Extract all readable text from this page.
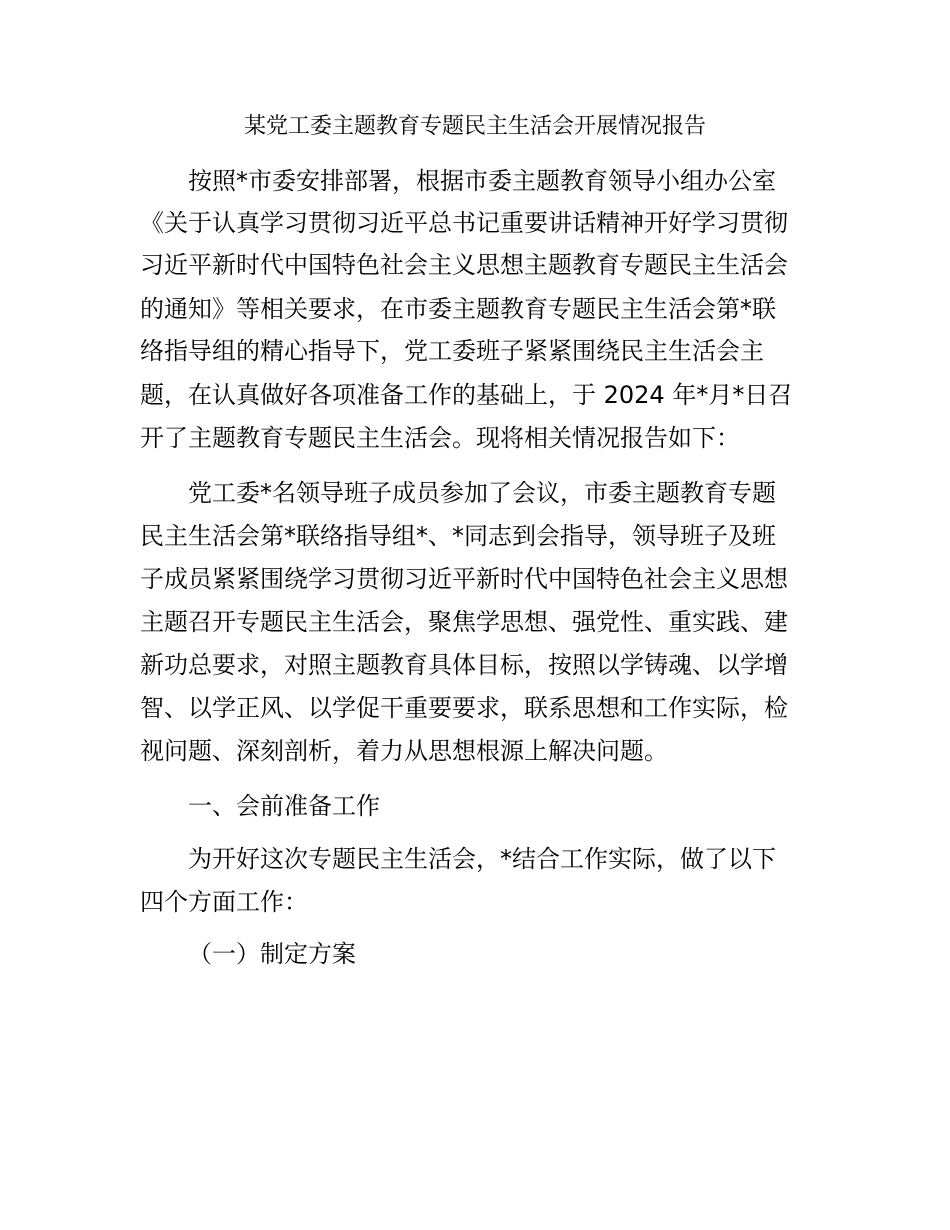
某党工委主题教育专题民主生活会开展情况报告
按照*市委安排部署，根据市委主题教育领导小组办公室
《关于认真学习贯彻习近平总书记重要讲话精神开好学习贯彻
习近平新时代中国特色社会主义思想主题教育专题民主生活会
的通知》等相关要求，在市委主题教育专题民主生活会第*联
络指导组的精心指导下，党工委班子紧紧围绕民主生活会主
题，在认真做好各项准备工作的基础上，于 2024 年*月*日召
开了主题教育专题民主生活会。现将相关情况报告如下：
党工委*名领导班子成员参加了会议，市委主题教育专题
民主生活会第*联络指导组*、*同志到会指导，领导班子及班
子成员紧紧围绕学习贯彻习近平新时代中国特色社会主义思想
主题召开专题民主生活会，聚焦学思想、强党性、重实践、建
新功总要求，对照主题教育具体目标，按照以学铸魂、以学增
智、以学正风、以学促干重要要求，联系思想和工作实际，检
视问题、深刻剖析，着力从思想根源上解决问题。
一、会前准备工作
为开好这次专题民主生活会，*结合工作实际，做了以下
四个方面工作：
（一）制定方案
